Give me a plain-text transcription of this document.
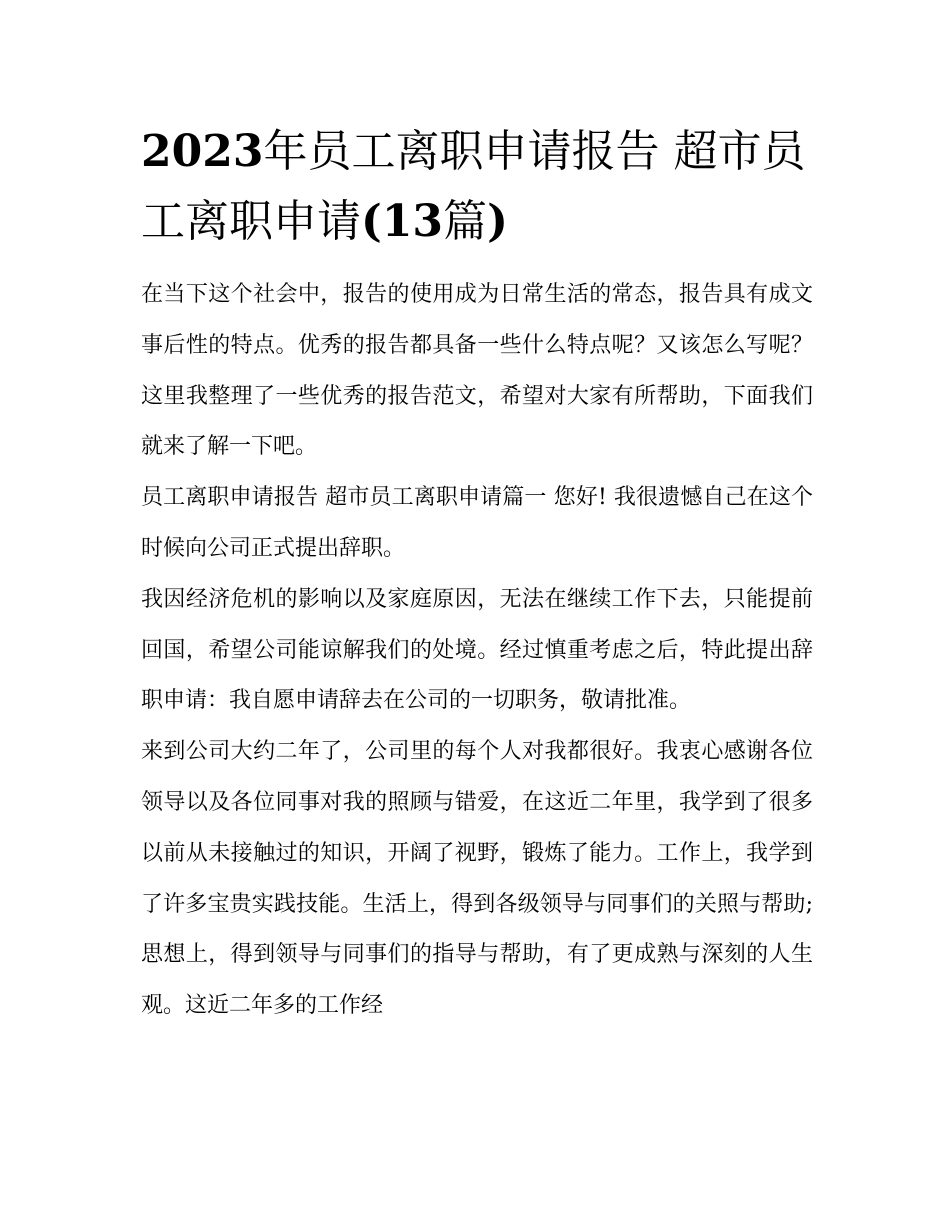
2023年员工离职申请报告 超市员工离职申请(13篇)

在当下这个社会中，报告的使用成为日常生活的常态，报告具有成文事后性的特点。优秀的报告都具备一些什么特点呢？又该怎么写呢？这里我整理了一些优秀的报告范文，希望对大家有所帮助，下面我们就来了解一下吧。

员工离职申请报告 超市员工离职申请篇一 您好! 我很遗憾自己在这个时候向公司正式提出辞职。

我因经济危机的影响以及家庭原因，无法在继续工作下去，只能提前回国，希望公司能谅解我们的处境。经过慎重考虑之后，特此提出辞职申请：我自愿申请辞去在公司的一切职务，敬请批准。

来到公司大约二年了，公司里的每个人对我都很好。我衷心感谢各位领导以及各位同事对我的照顾与错爱，在这近二年里，我学到了很多以前从未接触过的知识，开阔了视野，锻炼了能力。工作上，我学到了许多宝贵实践技能。生活上，得到各级领导与同事们的关照与帮助;思想上，得到领导与同事们的指导与帮助，有了更成熟与深刻的人生观。这近二年多的工作经
